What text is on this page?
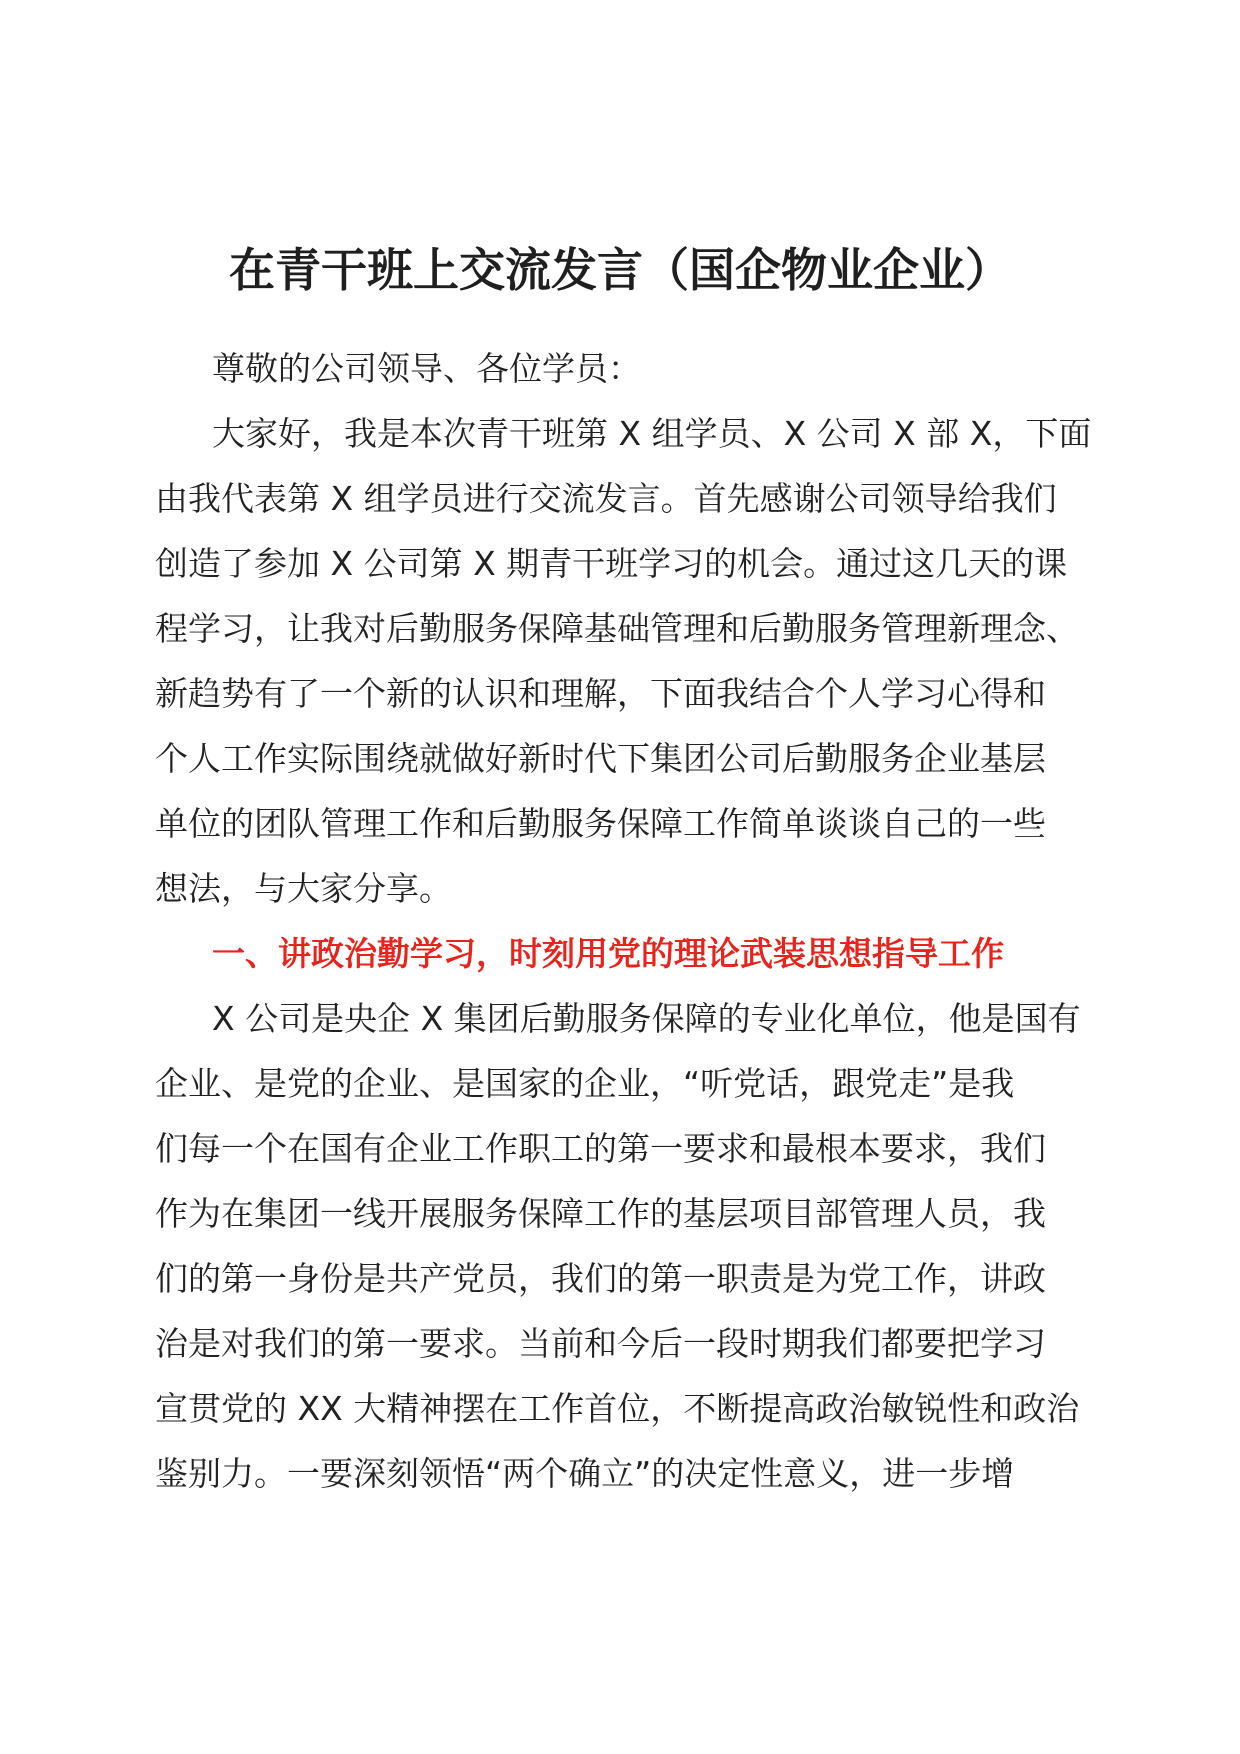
在青干班上交流发言（国企物业企业）

尊敬的公司领导、各位学员：

大家好，我是本次青干班第 X 组学员、X 公司 X 部 X，下面

由我代表第 X 组学员进行交流发言。首先感谢公司领导给我们

创造了参加 X 公司第 X 期青干班学习的机会。通过这几天的课

程学习，让我对后勤服务保障基础管理和后勤服务管理新理念、

新趋势有了一个新的认识和理解，下面我结合个人学习心得和

个人工作实际围绕就做好新时代下集团公司后勤服务企业基层

单位的团队管理工作和后勤服务保障工作简单谈谈自己的一些

想法，与大家分享。

一、讲政治勤学习，时刻用党的理论武装思想指导工作

X 公司是央企 X 集团后勤服务保障的专业化单位，他是国有

企业、是党的企业、是国家的企业，“听党话，跟党走”是我

们每一个在国有企业工作职工的第一要求和最根本要求，我们

作为在集团一线开展服务保障工作的基层项目部管理人员，我

们的第一身份是共产党员，我们的第一职责是为党工作，讲政

治是对我们的第一要求。当前和今后一段时期我们都要把学习

宣贯党的 XX 大精神摆在工作首位，不断提高政治敏锐性和政治

鉴别力。一要深刻领悟“两个确立”的决定性意义，进一步增
